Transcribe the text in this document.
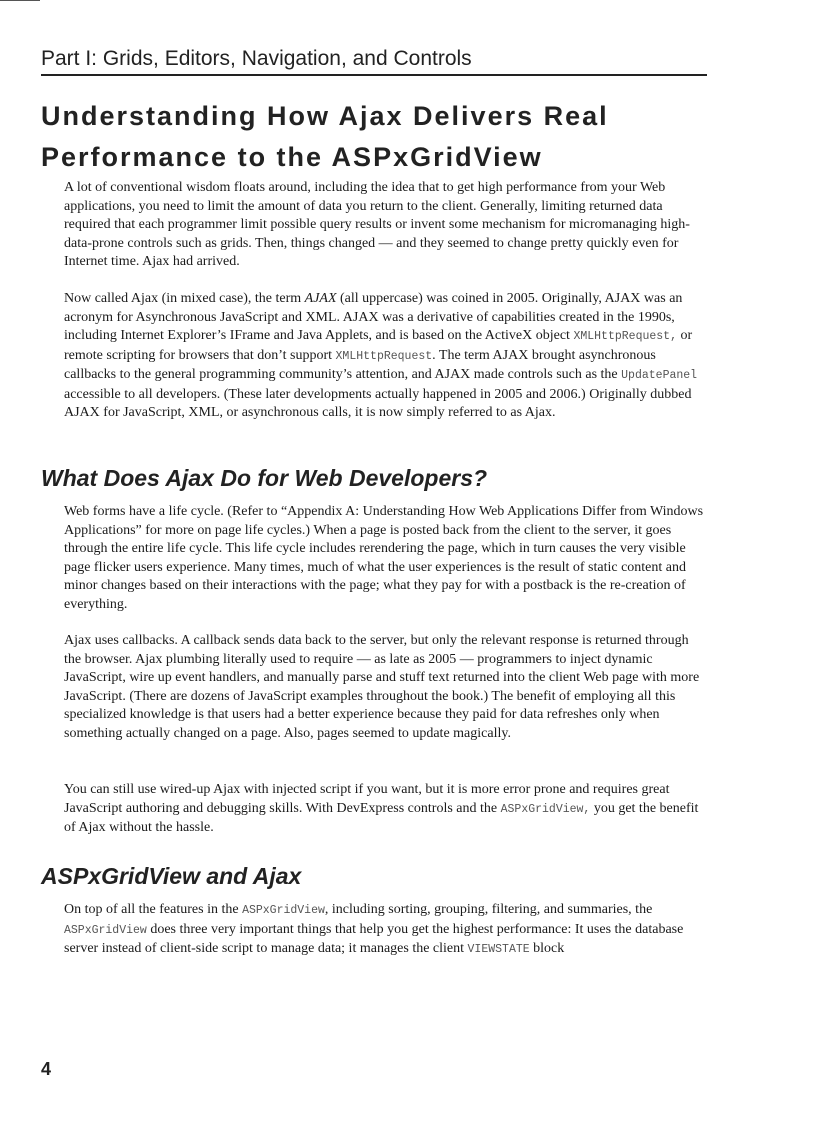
Part I: Grids, Editors, Navigation, and Controls
Understanding How Ajax Delivers Real
Performance to the ASPxGridView

A lot of conventional wisdom floats around, including the idea that to get high performance from your Web applications, you need to limit the amount of data you return to the client. Generally, limiting returned data required that each programmer limit possible query results or invent some mechanism for micromanaging high-data-prone controls such as grids. Then, things changed — and they seemed to change pretty quickly even for Internet time. Ajax had arrived.

Now called Ajax (in mixed case), the term AJAX (all uppercase) was coined in 2005. Originally, AJAX was an acronym for Asynchronous JavaScript and XML. AJAX was a derivative of capabilities created in the 1990s, including Internet Explorer’s IFrame and Java Applets, and is based on the ActiveX object XMLHttpRequest, or remote scripting for browsers that don’t support XMLHttpRequest. The term AJAX brought asynchronous callbacks to the general programming community’s attention, and AJAX made controls such as the UpdatePanel accessible to all developers. (These later developments actually happened in 2005 and 2006.) Originally dubbed AJAX for JavaScript, XML, or asynchronous calls, it is now simply referred to as Ajax.

What Does Ajax Do for Web Developers?

Web forms have a life cycle. (Refer to “Appendix A: Understanding How Web Applications Differ from Windows Applications” for more on page life cycles.) When a page is posted back from the client to the server, it goes through the entire life cycle. This life cycle includes rerendering the page, which in turn causes the very visible page flicker users experience. Many times, much of what the user experiences is the result of static content and minor changes based on their interactions with the page; what they pay for with a postback is the re-creation of everything.

Ajax uses callbacks. A callback sends data back to the server, but only the relevant response is returned through the browser. Ajax plumbing literally used to require — as late as 2005 — programmers to inject dynamic JavaScript, wire up event handlers, and manually parse and stuff text returned into the client Web page with more JavaScript. (There are dozens of JavaScript examples throughout the book.) The benefit of employing all this specialized knowledge is that users had a better experience because they paid for data refreshes only when something actually changed on a page. Also, pages seemed to update magically.

You can still use wired-up Ajax with injected script if you want, but it is more error prone and requires great JavaScript authoring and debugging skills. With DevExpress controls and the ASPxGridView, you get the benefit of Ajax without the hassle.

ASPxGridView and Ajax

On top of all the features in the ASPxGridView, including sorting, grouping, filtering, and summaries, the ASPxGridView does three very important things that help you get the highest performance: It uses the database server instead of client-side script to manage data; it manages the client VIEWSTATE block

4
